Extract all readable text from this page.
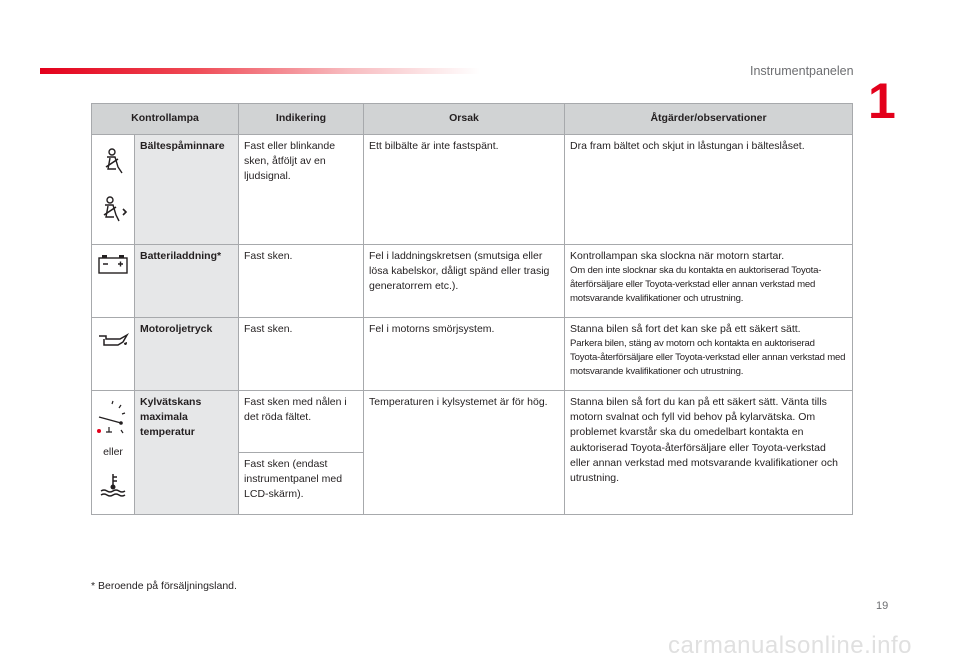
Instrumentpanelen
1
Kontrollampa		Indikering	Orsak	Åtgärder/observationer

	Bältespåminnare	Fast eller blinkande sken, åtföljt av en ljudsignal.	Ett bilbälte är inte fastspänt.	Dra fram bältet och skjut in låstungan i bälteslåset.

	Batteriladdning*	Fast sken.	Fel i laddningskretsen (smutsiga eller lösa kabelskor, dåligt spänd eller trasig generatorrem etc.).	Kontrollampan ska slockna när motorn startar.
Om den inte slocknar ska du kontakta en auktoriserad Toyota-återförsäljare eller Toyota-verkstad eller annan verkstad med motsvarande kvalifikationer och utrustning.

	Motoroljetryck	Fast sken.	Fel i motorns smörjsystem.	Stanna bilen så fort det kan ske på ett säkert sätt.
Parkera bilen, stäng av motorn och kontakta en auktoriserad Toyota-återförsäljare eller Toyota-verkstad eller annan verkstad med motsvarande kvalifikationer och utrustning.

eller	Kylvätskans maximala temperatur	Fast sken med nålen i det röda fältet.	Temperaturen i kylsystemet är för hög.	Stanna bilen så fort du kan på ett säkert sätt. Vänta tills motorn svalnat och fyll vid behov på kylarvätska. Om problemet kvarstår ska du omedelbart kontakta en auktoriserad Toyota-återförsäljare eller Toyota-verkstad eller annan verkstad med motsvarande kvalifikationer och utrustning.
		Fast sken (endast instrumentpanel med LCD-skärm).		
* Beroende på försäljningsland.
19
carmanualsonline.info
